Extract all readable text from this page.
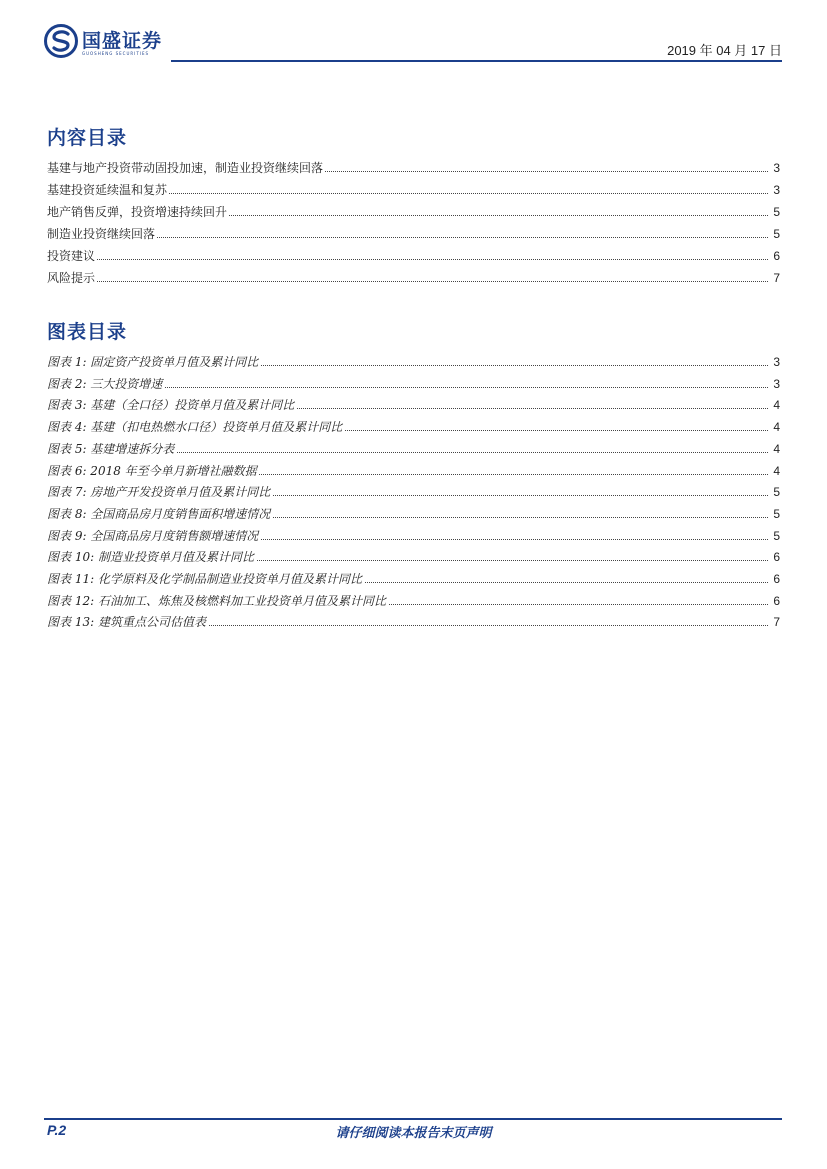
国盛证券
GUOSHENG SECURITIES	2019 年 04 月 17 日
内容目录
基建与地产投资带动固投加速，制造业投资继续回落	3
基建投资延续温和复苏	3
地产销售反弹，投资增速持续回升	5
制造业投资继续回落	5
投资建议	6
风险提示	7
图表目录
图表 1: 固定资产投资单月值及累计同比	3
图表 2: 三大投资增速	3
图表 3: 基建（全口径）投资单月值及累计同比	4
图表 4: 基建（扣电热燃水口径）投资单月值及累计同比	4
图表 5: 基建增速拆分表	4
图表 6: 2018 年至今单月新增社融数据	4
图表 7: 房地产开发投资单月值及累计同比	5
图表 8: 全国商品房月度销售面积增速情况	5
图表 9: 全国商品房月度销售额增速情况	5
图表 10: 制造业投资单月值及累计同比	6
图表 11: 化学原料及化学制品制造业投资单月值及累计同比	6
图表 12: 石油加工、炼焦及核燃料加工业投资单月值及累计同比	6
图表 13: 建筑重点公司估值表	7
P.2	请仔细阅读本报告末页声明
